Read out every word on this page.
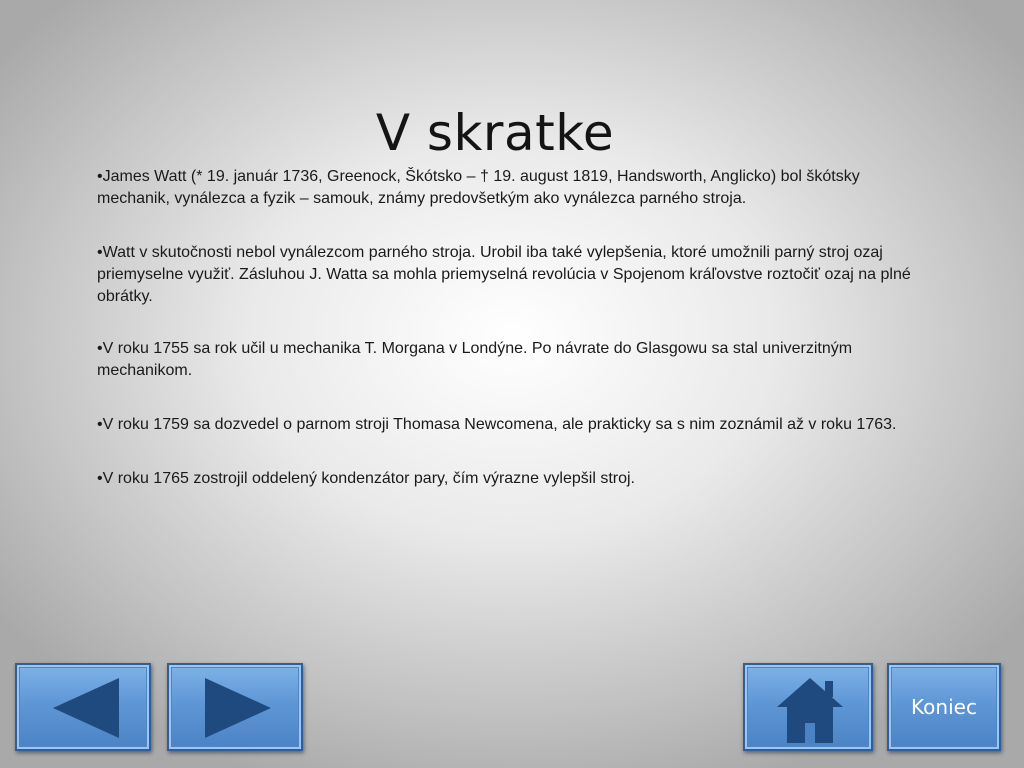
V skratke

•James Watt (* 19. január 1736, Greenock, Škótsko – † 19. august 1819, Handsworth, Anglicko) bol škótsky mechanik, vynálezca a fyzik – samouk, známy predovšetkým ako vynálezca parného stroja.

•Watt v skutočnosti nebol vynálezcom parného stroja. Urobil iba také vylepšenia, ktoré umožnili parný stroj ozaj priemyselne využiť. Zásluhou J. Watta sa mohla priemyselná revolúcia v Spojenom kráľovstve roztočiť ozaj na plné obrátky.

•V roku 1755 sa rok učil u mechanika T. Morgana v Londýne. Po návrate do Glasgowu sa stal univerzitným mechanikom.

•V roku 1759 sa dozvedel o parnom stroji Thomasa Newcomena, ale prakticky sa s nim zoznámil až v roku 1763.

•V roku 1765 zostrojil oddelený kondenzátor pary, čím výrazne vylepšil stroj.

Koniec
